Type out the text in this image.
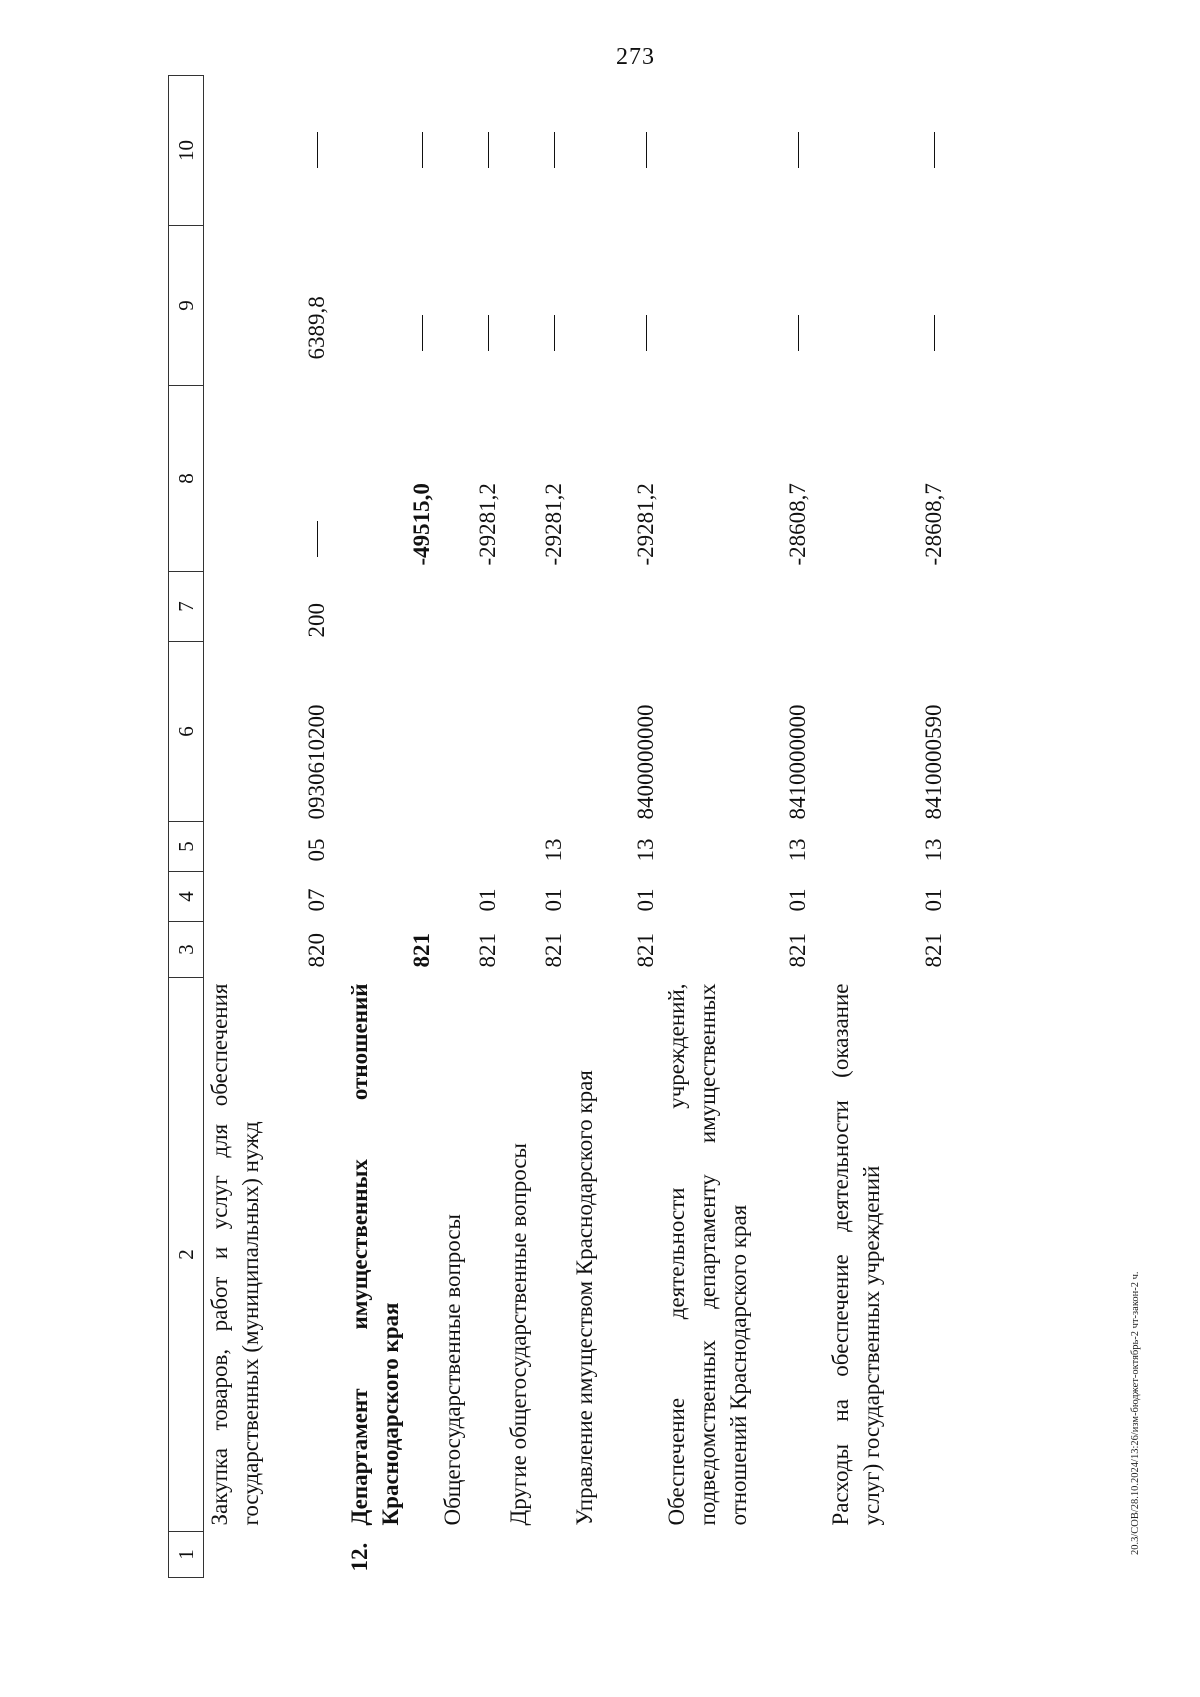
273
1	2	3	4	5	6	7	8	9	10
	Закупка товаров, работ и услуг для обеспечения государственных (муниципальных) нужд	820	07	05	0930610200	200		6389,8	

12.	Департамент имущественных отношений Краснодарского края	821					-49515,0	

	Общегосударственные вопросы	821	01				-29281,2	

	Другие общегосударственные вопросы	821	01	13			-29281,2	

	Управление имуществом Краснодарского края	821	01	13	8400000000		-29281,2	

	Обеспечение деятельности учреждений, подведомственных департаменту имущественных отношений Краснодарского края	821	01	13	8410000000		-28608,7	

	Расходы на обеспечение деятельности (оказание услуг) государственных учреждений	821	01	13	8410000590		-28608,7	

20.3/СОВ/28.10.2024/13:26/изм-бюджет-октябрь-2 чт-закон-2 ч.
